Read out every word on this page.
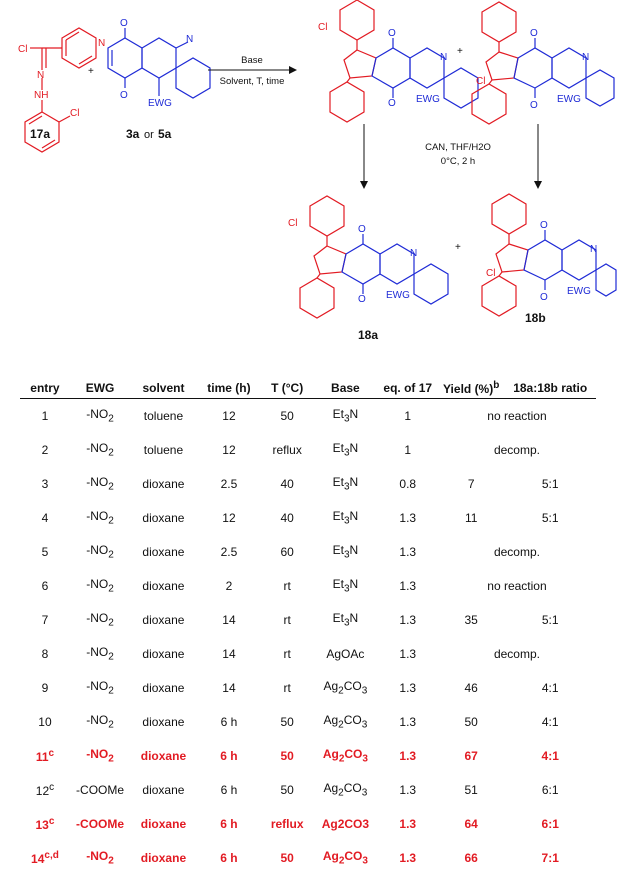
Cl
N
N
NH
Cl
+
O
O
N
EWG
17a	3a or 5a
Base
Solvent, T, time
Cl
O
O
N
EWG
+
Cl
O
O
N
EWG
CAN, THF/H2O
0°C, 2 h
Cl
O
O
N
EWG
+
Cl
O
O
N
EWG
18a
18b
entry	EWG	solvent	time (h)	T (°C)	Base	eq. of 17	Yield (%)$^b$	18a:18b ratio
1	$-NO_2$	toluene	12	50	$Et_3N$	1	no reaction	
2	$-NO_2$	toluene	12	reflux	$Et_3N$	1	decomp.	
3	$-NO_2$	dioxane	2.5	40	$Et_3N$	0.8	7	5:1
4	$-NO_2$	dioxane	12	40	$Et_3N$	1.3	11	5:1
5	$-NO_2$	dioxane	2.5	60	$Et_3N$	1.3	decomp.	
6	$-NO_2$	dioxane	2	rt	$Et_3N$	1.3	no reaction	
7	$-NO_2$	dioxane	14	rt	$Et_3N$	1.3	35	5:1
8	$-NO_2$	dioxane	14	rt	AgOAc	1.3	decomp.	
9	$-NO_2$	dioxane	14	rt	$Ag_2CO_3$	1.3	46	4:1
10	$-NO_2$	dioxane	6 h	50	$Ag_2CO_3$	1.3	50	4:1
11$^c$	$-NO_2$	dioxane	6 h	50	$Ag_2CO_3$	1.3	67	4:1
12$^c$	-COOMe	dioxane	6 h	50	$Ag_2CO_3$	1.3	51	6:1
13$^c$	-COOMe	dioxane	6 h	reflux	Ag2CO3	1.3	64	6:1
14$^{c,d}$	$-NO_2$	dioxane	6 h	50	$Ag_2CO_3$	1.3	66	7:1
